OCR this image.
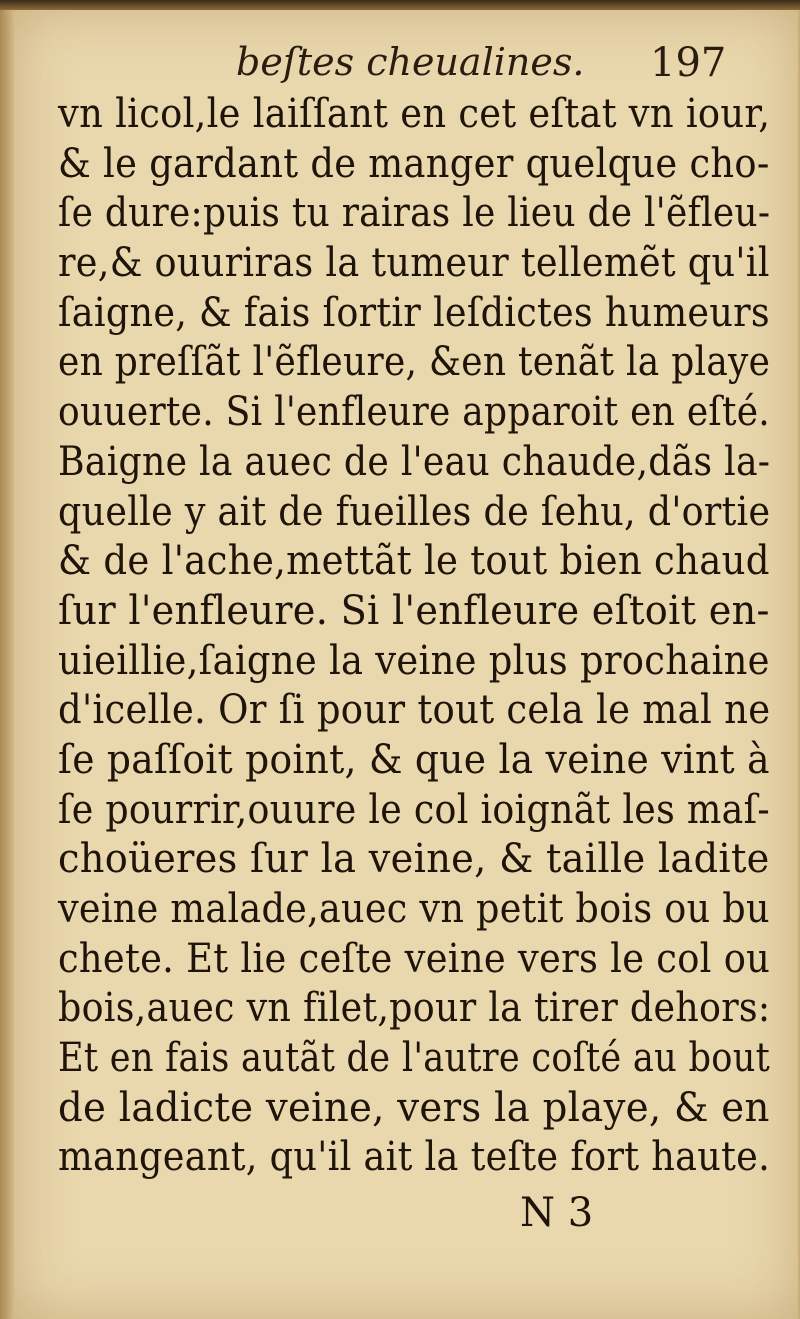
beſtes cheualines. 197
vn licol,le laiſſant en cet eſtat vn iour,
& le gardant de manger quelque cho-
ſe dure:puis tu rairas le lieu de l'ẽfleu-
re,& ouuriras la tumeur tellemẽt qu'il
ſaigne, & fais ſortir leſdictes humeurs
en preſſãt l'ẽfleure, &en tenãt la playe
ouuerte. Si l'enfleure apparoit en eſté.
Baigne la auec de l'eau chaude,dãs la-
quelle y ait de fueilles de ſehu, d'ortie
& de l'ache,mettãt le tout bien chaud
ſur l'enfleure. Si l'enfleure eſtoit en-
uieillie,ſaigne la veine plus prochaine
d'icelle. Or ſi pour tout cela le mal ne
ſe paſſoit point, & que la veine vint à
ſe pourrir,ouure le col ioignãt les maſ-
choüeres ſur la veine, & taille ladite
veine malade,auec vn petit bois ou bu
chete. Et lie ceſte veine vers le col ou
bois,auec vn filet,pour la tirer dehors:
Et en fais autãt de l'autre coſté au bout
de ladicte veine, vers la playe, & en
mangeant, qu'il ait la teſte fort haute.
N 3
